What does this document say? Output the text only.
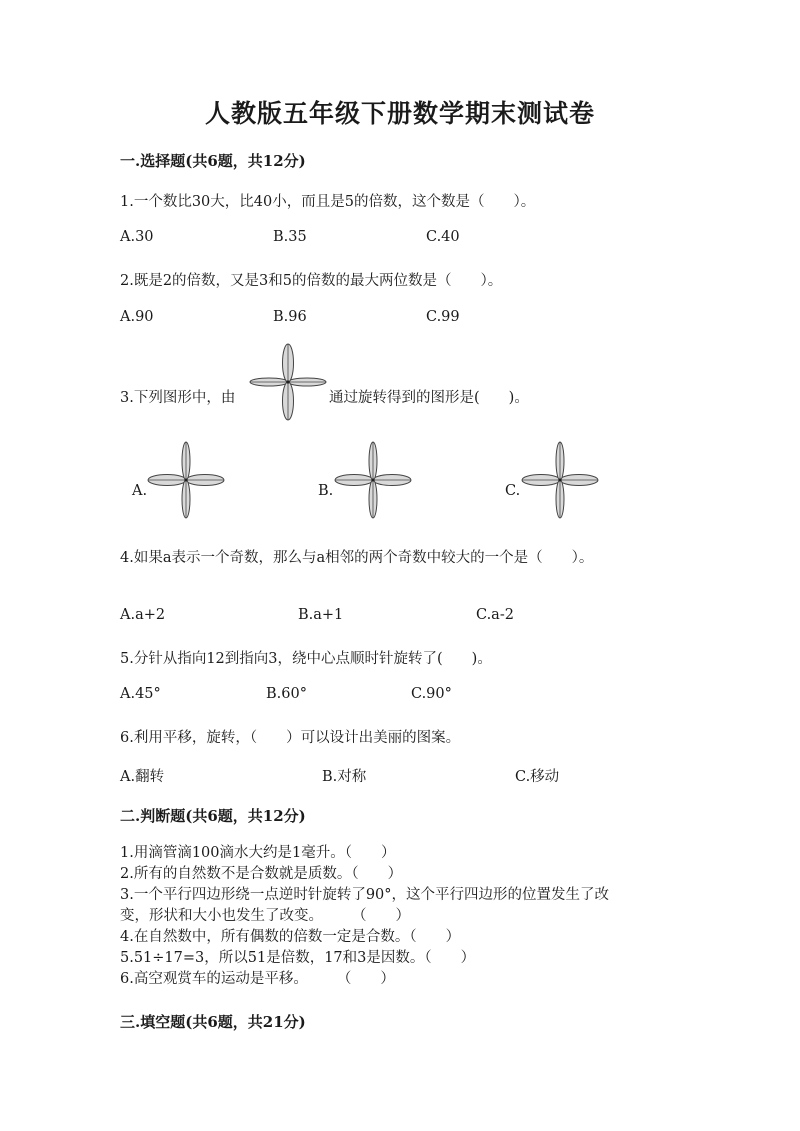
人教版五年级下册数学期末测试卷
一.选择题(共6题，共12分)
1.一个数比30大，比40小，而且是5的倍数，这个数是（　　）。
A.30	B.35	C.40
2.既是2的倍数，又是3和5的倍数的最大两位数是（　　）。
A.90	B.96	C.99
3.下列图形中，由	通过旋转得到的图形是(　　)。
A.	B.	C.
4.如果a表示一个奇数，那么与a相邻的两个奇数中较大的一个是（　　）。
A.a+2	B.a+1	C.a-2
5.分针从指向12到指向3，绕中心点顺时针旋转了(　　)。
A.45°	B.60°	C.90°
6.利用平移，旋转，（　　）可以设计出美丽的图案。
A.翻转	B.对称	C.移动
二.判断题(共6题，共12分)
1.用滴管滴100滴水大约是1毫升。（　　）
2.所有的自然数不是合数就是质数。（　　）
3.一个平行四边形绕一点逆时针旋转了90°，这个平行四边形的位置发生了改
变，形状和大小也发生了改变。　　　（　　）
4.在自然数中，所有偶数的倍数一定是合数。（　　）
5.51÷17=3，所以51是倍数，17和3是因数。（　　）
6.高空观赏车的运动是平移。　　　（　　）
三.填空题(共6题，共21分)
